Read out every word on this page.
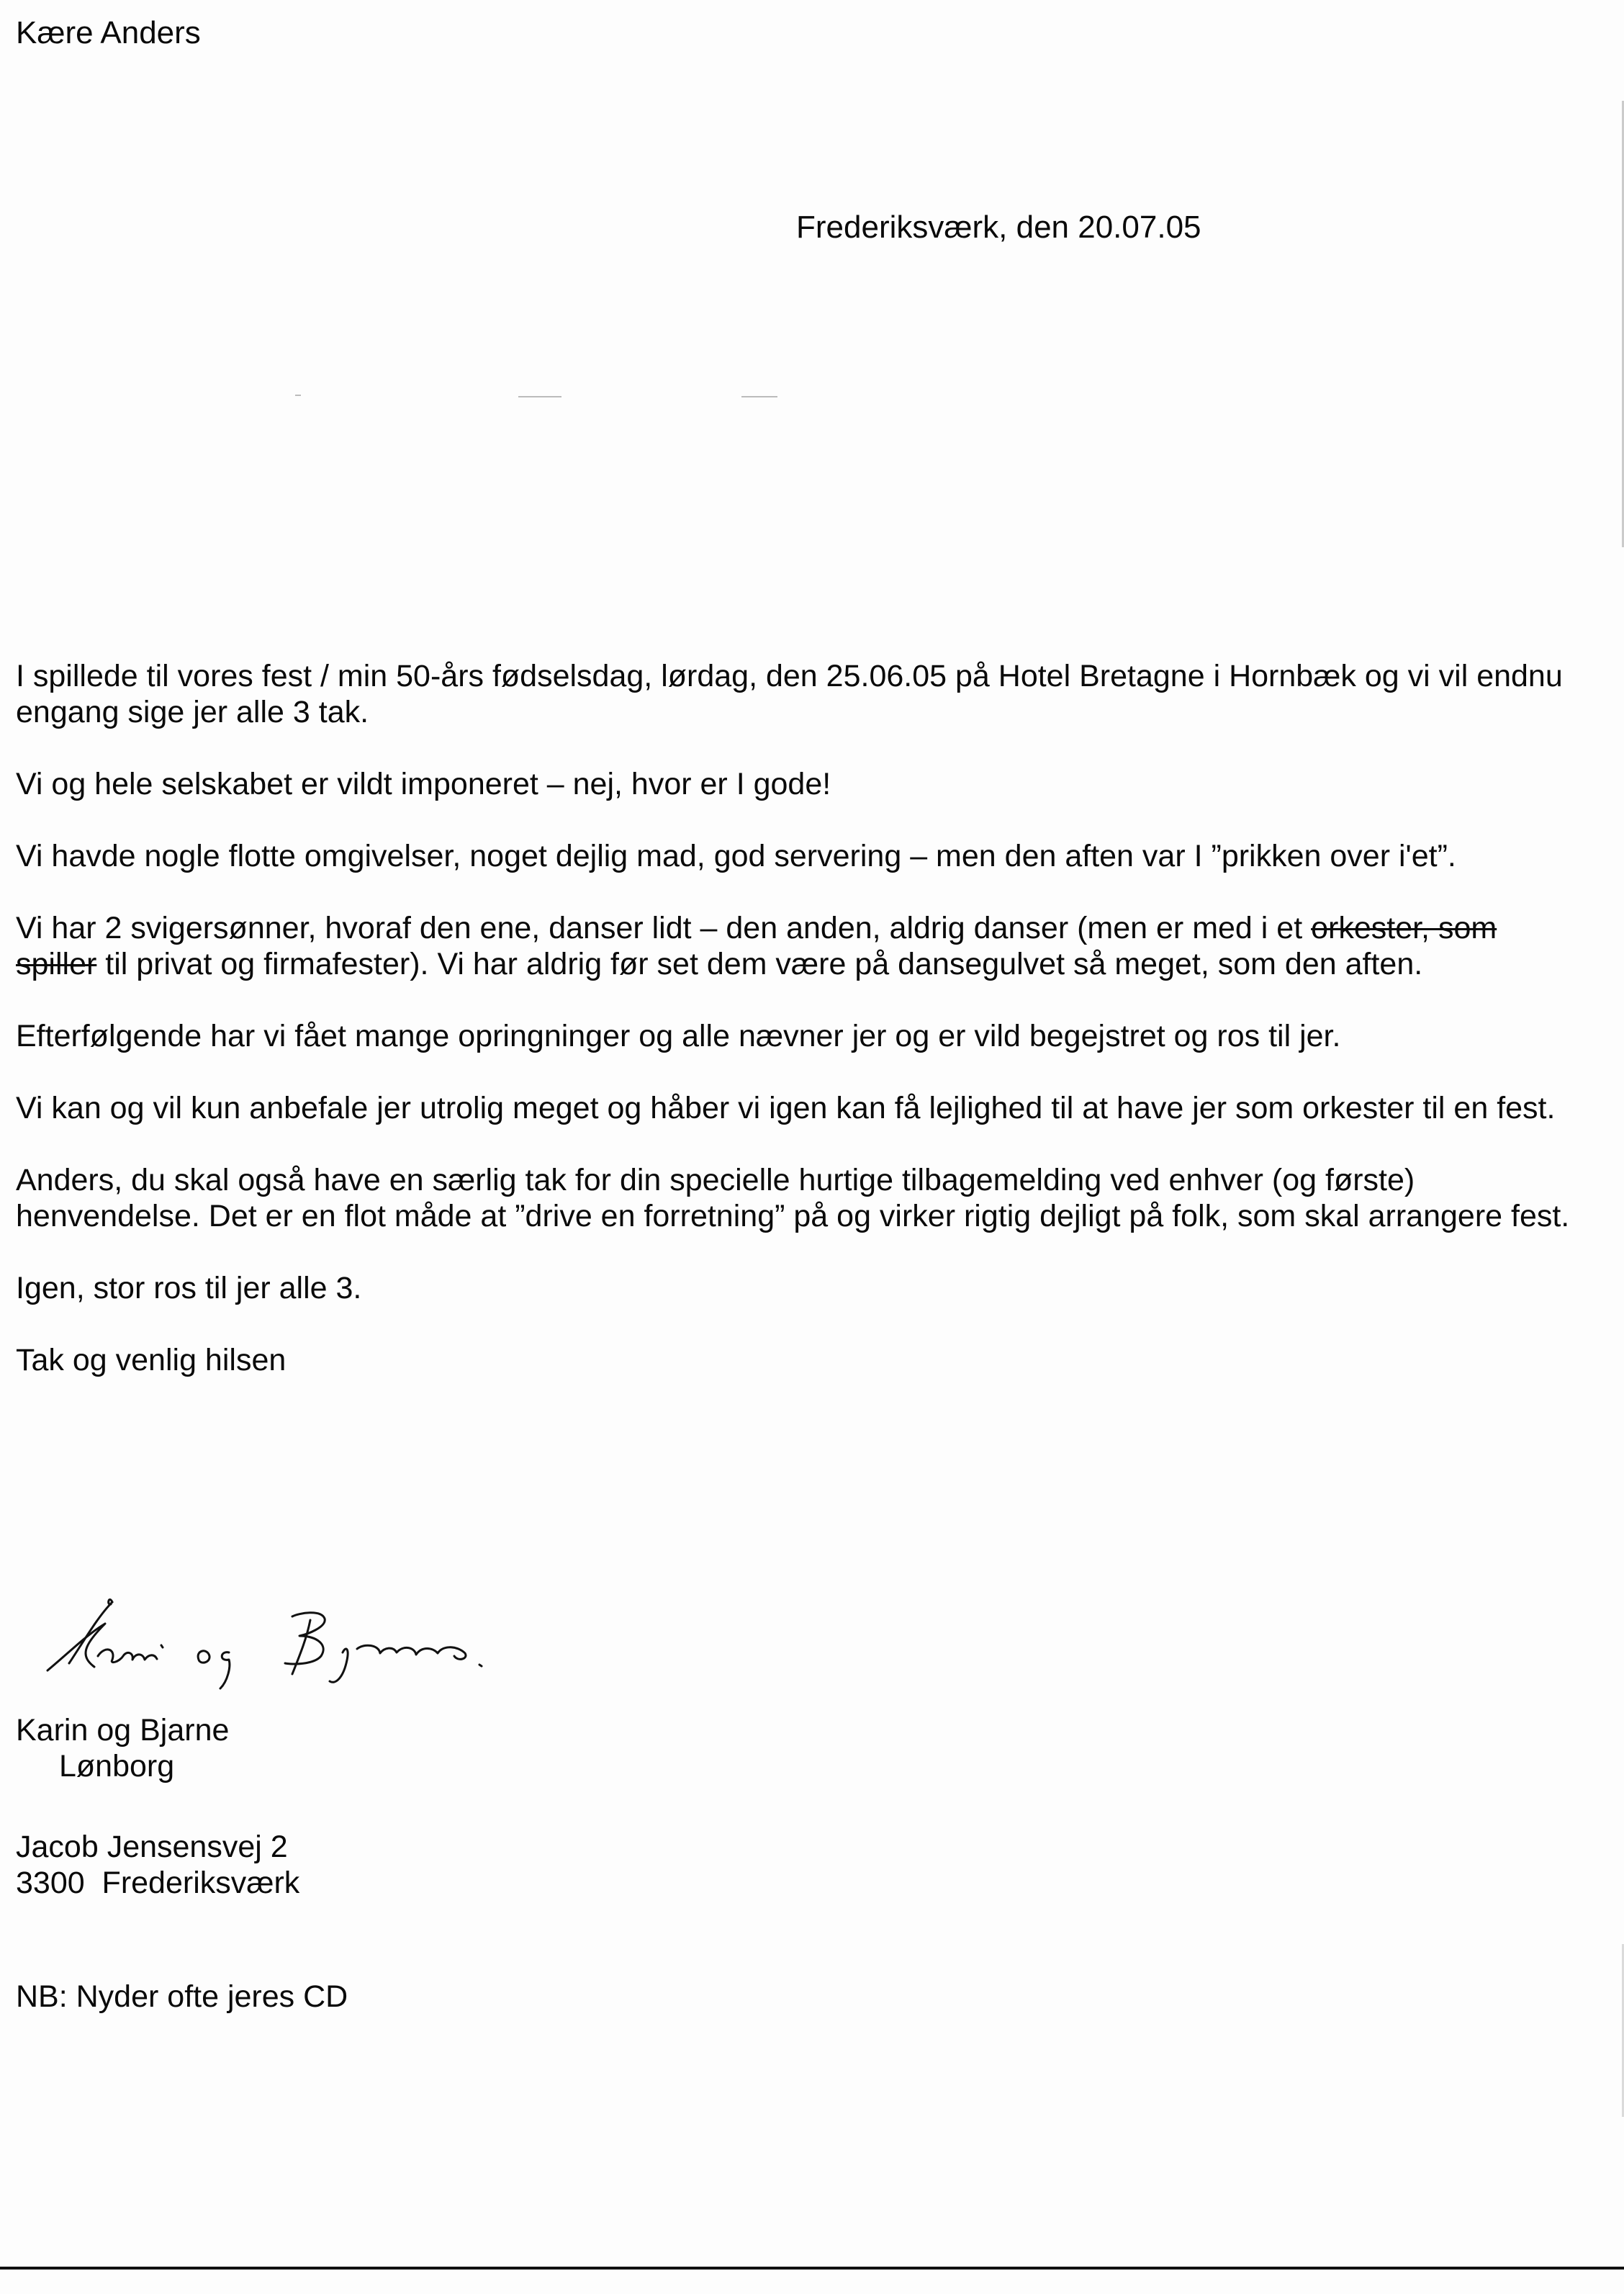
Kære Anders
Frederiksværk, den 20.07.05

I spillede til vores fest / min 50-års fødselsdag, lørdag, den 25.06.05 på Hotel Bretagne i Hornbæk og vi vil endnu engang sige jer alle 3 tak.

Vi og hele selskabet er vildt imponeret – nej, hvor er I gode!

Vi havde nogle flotte omgivelser, noget dejlig mad, god servering – men den aften var I ”prikken over i'et”.

Vi har 2 svigersønner, hvoraf den ene, danser lidt – den anden, aldrig danser (men er med i et orkester, som spiller til privat og firmafester). Vi har aldrig før set dem være på dansegulvet så meget, som den aften.

Efterfølgende har vi fået mange opringninger og alle nævner jer og er vild begejstret og ros til jer.

Vi kan og vil kun anbefale jer utrolig meget og håber vi igen kan få lejlighed til at have jer som orkester til en fest.

Anders, du skal også have en særlig tak for din specielle hurtige tilbagemelding ved enhver (og første) henvendelse. Det er en flot måde at ”drive en forretning” på og virker rigtig dejligt på folk, som skal arrangere fest.

Igen, stor ros til jer alle 3.

Tak og venlig hilsen

Karin og Bjarne.
Karin og Bjarne
Lønborg
Jacob Jensensvej 2
3300  Frederiksværk
NB: Nyder ofte jeres CD
